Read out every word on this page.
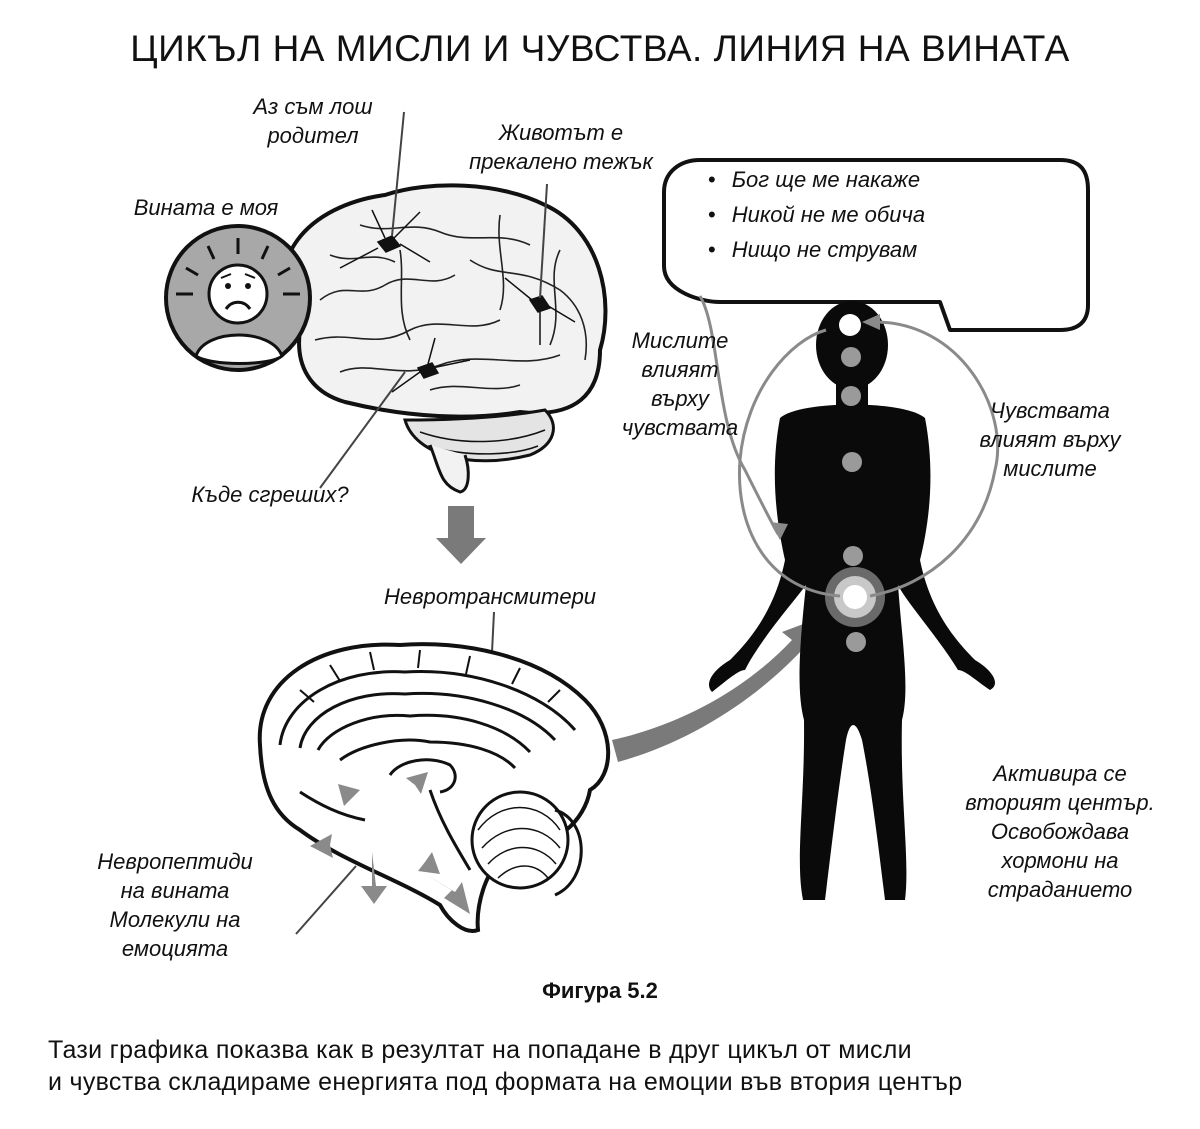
ЦИКЪЛ НА МИСЛИ И ЧУВСТВА. ЛИНИЯ НА ВИНАТА
Аз съм лош
родител	Животът е
прекалено тежък
Вината е моя
Къде сгреших?
• Бог ще ме накаже
• Никой не ме обича
• Нищо не струвам
Мислите
влияят
върху
чувствата
Чувствата
влияят върху
мислите
Невротрансмитери
Невропептиди
на вината
Молекули на
емоцията
Активира се
вторият център.
Освобождава
хормони на
страданието
Фигура 5.2
Тази графика показва как в резултат на попадане в друг цикъл от мисли
и чувства складираме енергията под формата на емоции във втория център
